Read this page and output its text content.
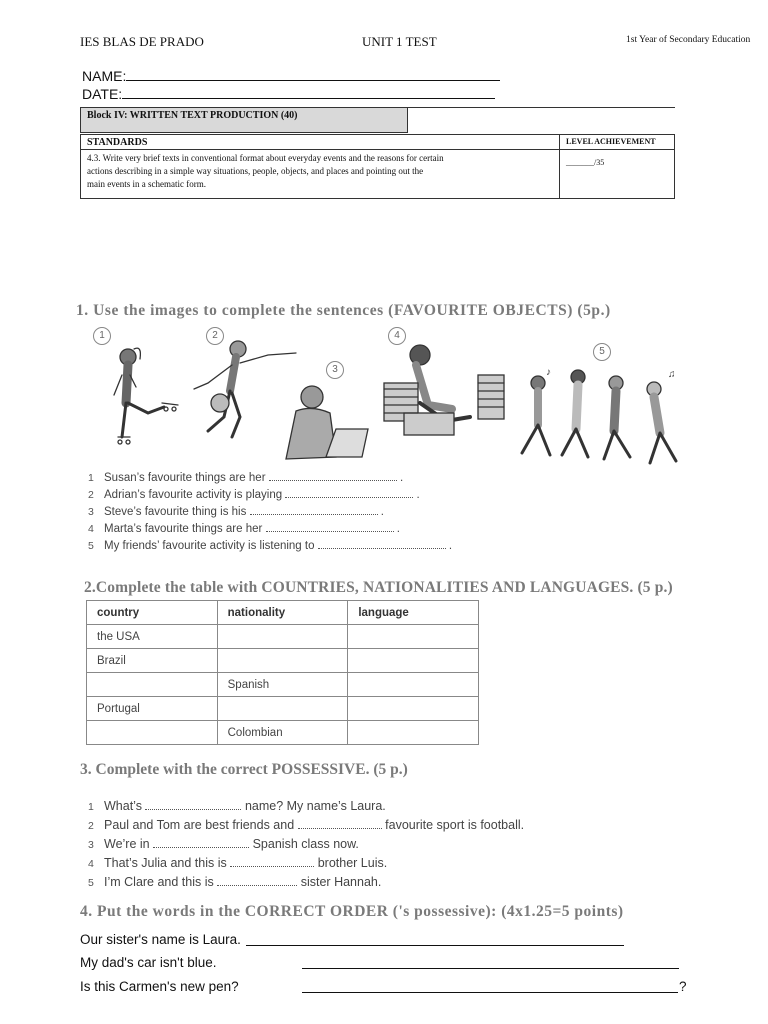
IES BLAS DE PRADO	UNIT 1 TEST	1st Year of Secondary Education
NAME:
DATE:
Block IV: WRITTEN TEXT PRODUCTION (40)
STANDARDS	LEVEL ACHIEVEMENT
4.3. Write very brief texts in conventional format about everyday events and the reasons for certain
actions describing in a simple way situations, people, objects, and places and pointing out the
main events in a schematic form.
_______/35
1. Use the images to complete the sentences (FAVOURITE OBJECTS) (5p.)
1	2
3
4
5
♪	♫
1 Susan’s favourite things are her	.
2 Adrian’s favourite activity is playing	.
3 Steve’s favourite thing is his	.
4 Marta’s favourite things are her	.
5 My friends’ favourite activity is listening to	.
2.Complete the table with COUNTRIES, NATIONALITIES AND LANGUAGES. (5 p.)
country	nationality	language
the USA		
Brazil		
	Spanish	
Portugal		
	Colombian	
3. Complete with the correct POSSESSIVE. (5 p.)
1 What’s	name? My name’s Laura.
2 Paul and Tom are best friends and	favourite sport is football.
3 We’re in	Spanish class now.
4 That’s Julia and this is	brother Luis.
5 I’m Clare and this is	sister Hannah.
4. Put the words in the CORRECT ORDER ('s possessive): (4x1.25=5 points)
Our sister's name is Laura.
My dad's car isn't blue.
Is this Carmen's new pen?	?
